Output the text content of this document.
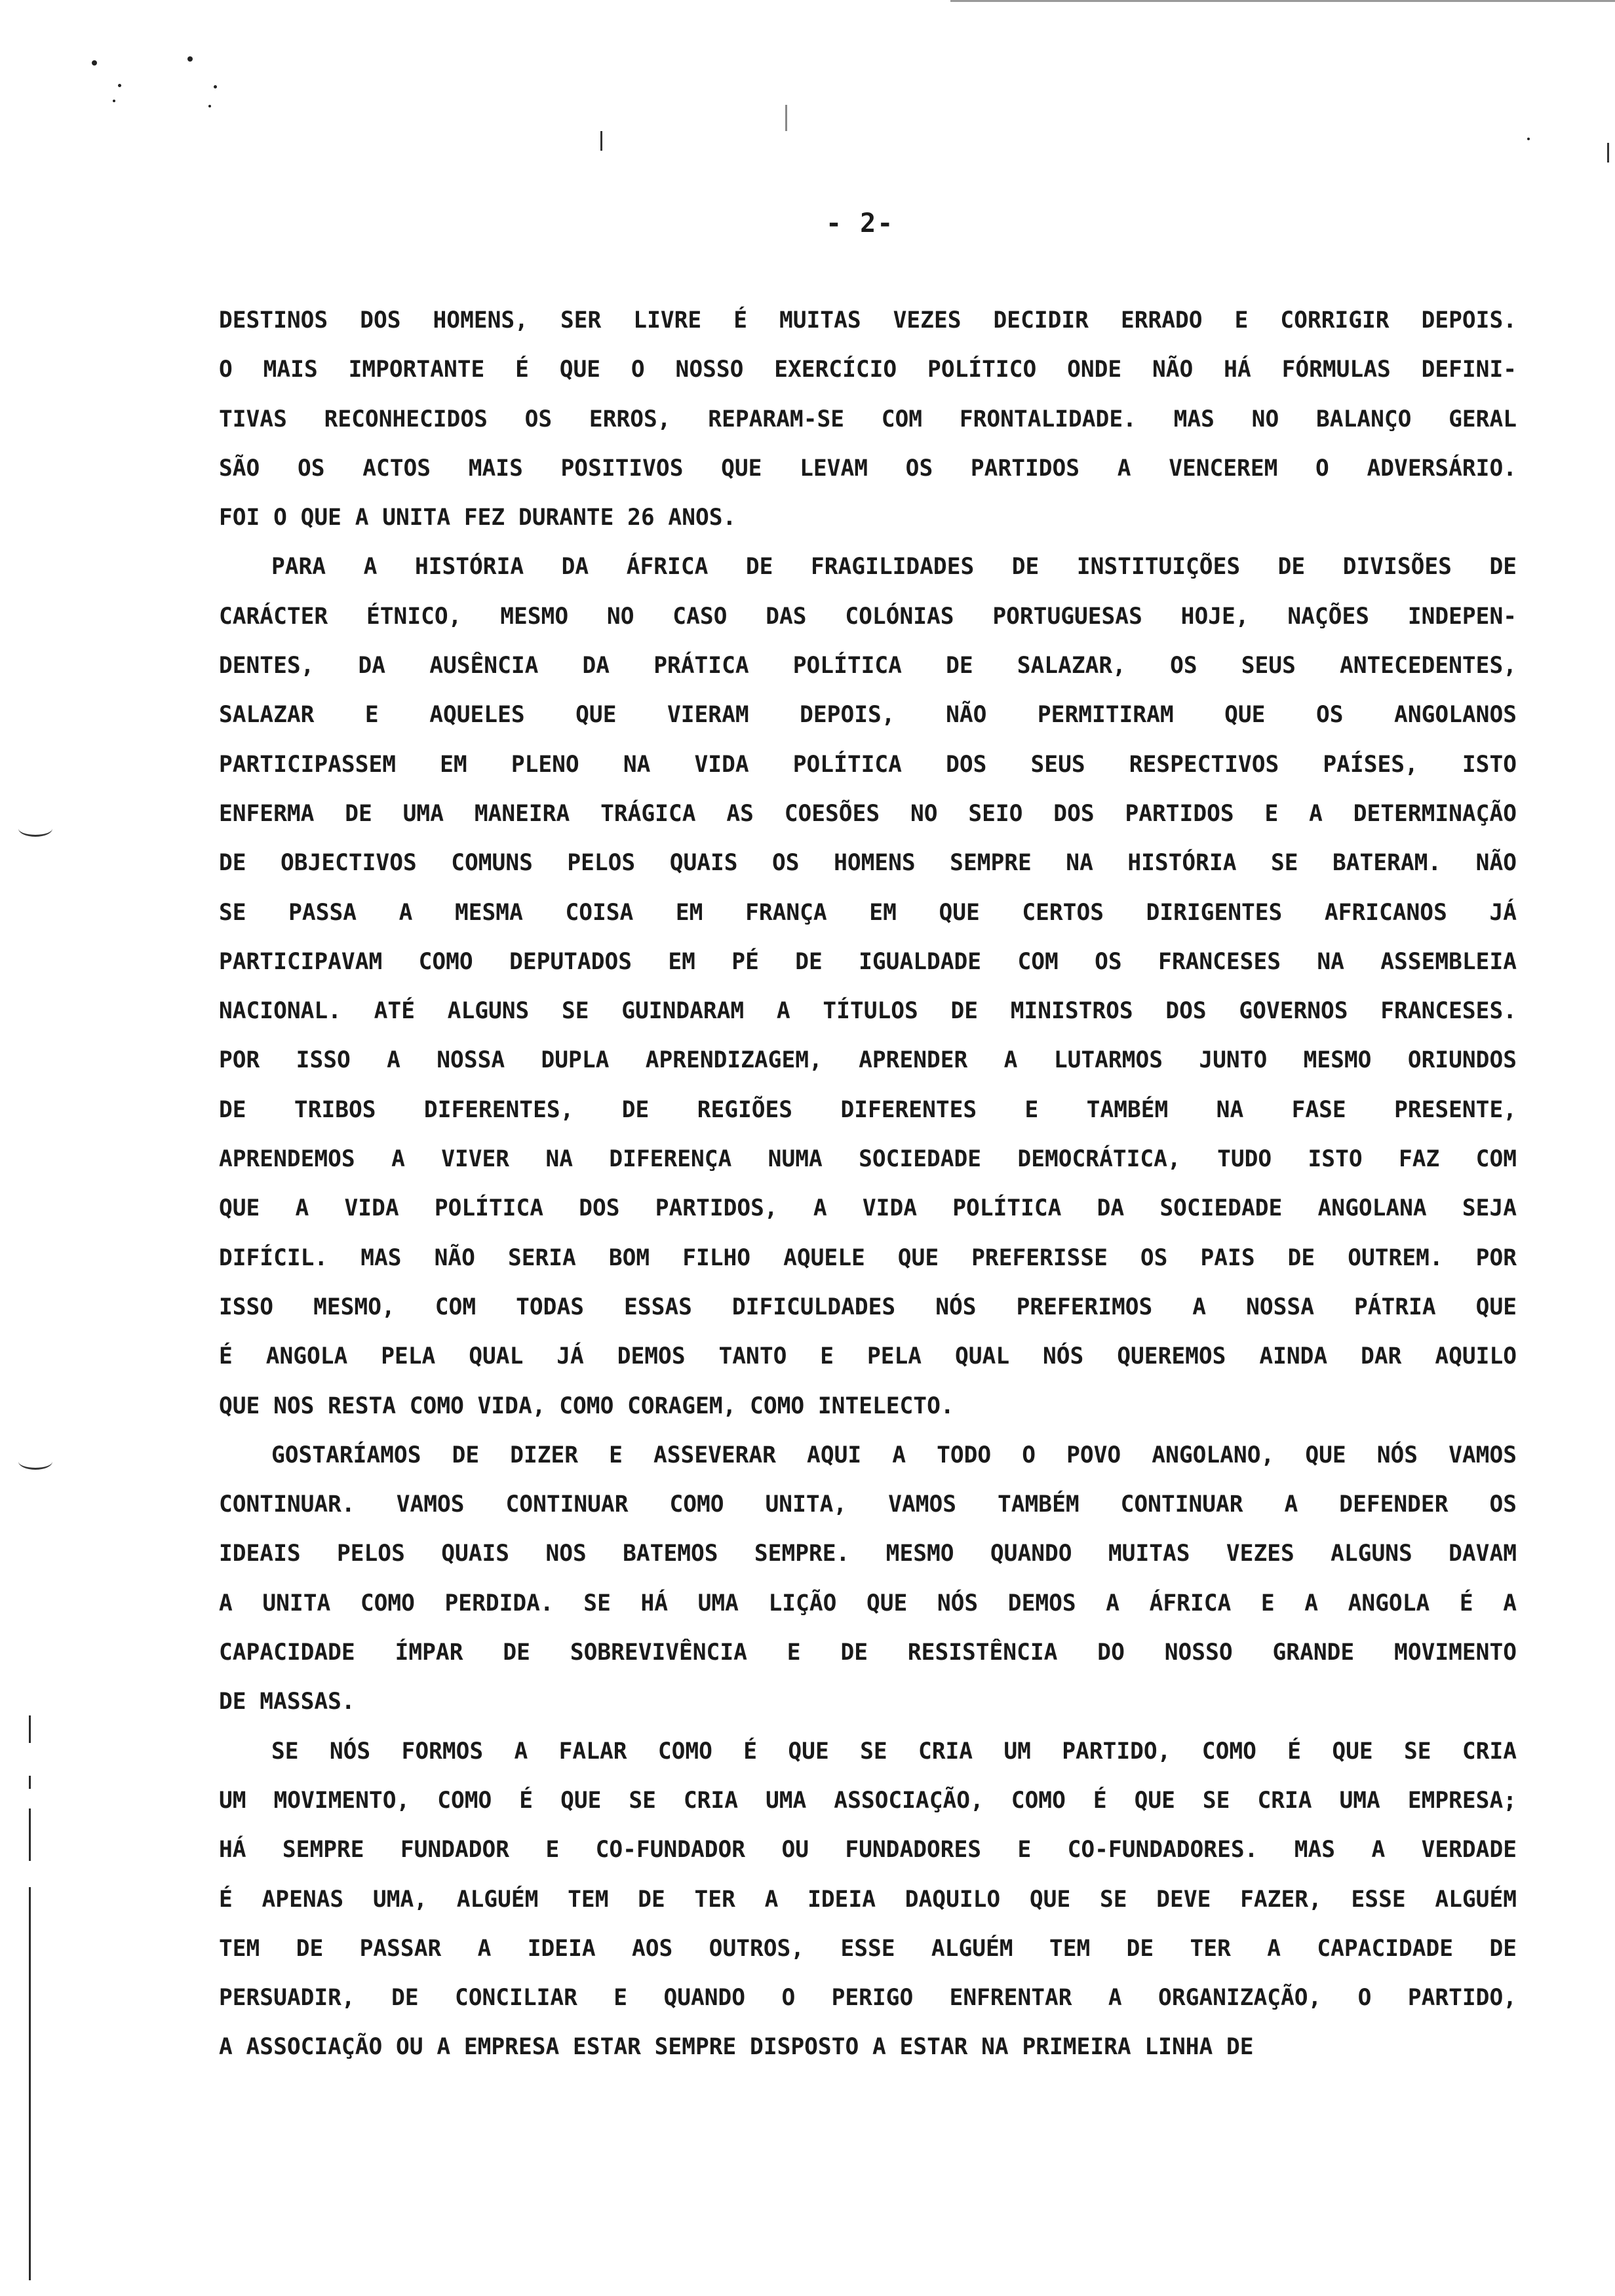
- 2-
DESTINOS DOS HOMENS, SER LIVRE É MUITAS VEZES DECIDIR ERRADO E CORRIGIR DEPOIS.
O MAIS IMPORTANTE É QUE O NOSSO EXERCÍCIO POLÍTICO ONDE NÃO HÁ FÓRMULAS DEFINI-
TIVAS RECONHECIDOS OS ERROS, REPARAM-SE COM FRONTALIDADE. MAS NO BALANÇO GERAL
SÃO OS ACTOS MAIS POSITIVOS QUE LEVAM OS PARTIDOS A VENCEREM O ADVERSÁRIO.
FOI O QUE A UNITA FEZ DURANTE 26 ANOS.
PARA A HISTÓRIA DA ÁFRICA DE FRAGILIDADES DE INSTITUIÇÕES DE DIVISÕES DE
CARÁCTER ÉTNICO, MESMO NO CASO DAS COLÓNIAS PORTUGUESAS HOJE, NAÇÕES INDEPEN-
DENTES, DA AUSÊNCIA DA PRÁTICA POLÍTICA DE SALAZAR, OS SEUS ANTECEDENTES,
SALAZAR E AQUELES QUE VIERAM DEPOIS, NÃO PERMITIRAM QUE OS ANGOLANOS
PARTICIPASSEM EM PLENO NA VIDA POLÍTICA DOS SEUS RESPECTIVOS PAÍSES, ISTO
ENFERMA DE UMA MANEIRA TRÁGICA AS COESÕES NO SEIO DOS PARTIDOS E A DETERMINAÇÃO
DE OBJECTIVOS COMUNS PELOS QUAIS OS HOMENS SEMPRE NA HISTÓRIA SE BATERAM. NÃO
SE PASSA A MESMA COISA EM FRANÇA EM QUE CERTOS DIRIGENTES AFRICANOS JÁ
PARTICIPAVAM COMO DEPUTADOS EM PÉ DE IGUALDADE COM OS FRANCESES NA ASSEMBLEIA
NACIONAL. ATÉ ALGUNS SE GUINDARAM A TÍTULOS DE MINISTROS DOS GOVERNOS FRANCESES.
POR ISSO A NOSSA DUPLA APRENDIZAGEM, APRENDER A LUTARMOS JUNTO MESMO ORIUNDOS
DE TRIBOS DIFERENTES, DE REGIÕES DIFERENTES E TAMBÉM NA FASE PRESENTE,
APRENDEMOS A VIVER NA DIFERENÇA NUMA SOCIEDADE DEMOCRÁTICA, TUDO ISTO FAZ COM
QUE A VIDA POLÍTICA DOS PARTIDOS, A VIDA POLÍTICA DA SOCIEDADE ANGOLANA SEJA
DIFÍCIL. MAS NÃO SERIA BOM FILHO AQUELE QUE PREFERISSE OS PAIS DE OUTREM. POR
ISSO MESMO, COM TODAS ESSAS DIFICULDADES NÓS PREFERIMOS A NOSSA PÁTRIA QUE
É ANGOLA PELA QUAL JÁ DEMOS TANTO E PELA QUAL NÓS QUEREMOS AINDA DAR AQUILO
QUE NOS RESTA COMO VIDA, COMO CORAGEM, COMO INTELECTO.
GOSTARÍAMOS DE DIZER E ASSEVERAR AQUI A TODO O POVO ANGOLANO, QUE NÓS VAMOS
CONTINUAR. VAMOS CONTINUAR COMO UNITA, VAMOS TAMBÉM CONTINUAR A DEFENDER OS
IDEAIS PELOS QUAIS NOS BATEMOS SEMPRE. MESMO QUANDO MUITAS VEZES ALGUNS DAVAM
A UNITA COMO PERDIDA. SE HÁ UMA LIÇÃO QUE NÓS DEMOS A ÁFRICA E A ANGOLA É A
CAPACIDADE ÍMPAR DE SOBREVIVÊNCIA E DE RESISTÊNCIA DO NOSSO GRANDE MOVIMENTO
DE MASSAS.
SE NÓS FORMOS A FALAR COMO É QUE SE CRIA UM PARTIDO, COMO É QUE SE CRIA
UM MOVIMENTO, COMO É QUE SE CRIA UMA ASSOCIAÇÃO, COMO É QUE SE CRIA UMA EMPRESA;
HÁ SEMPRE FUNDADOR E CO-FUNDADOR OU FUNDADORES E CO-FUNDADORES. MAS A VERDADE
É APENAS UMA, ALGUÉM TEM DE TER A IDEIA DAQUILO QUE SE DEVE FAZER, ESSE ALGUÉM
TEM DE PASSAR A IDEIA AOS OUTROS, ESSE ALGUÉM TEM DE TER A CAPACIDADE DE
PERSUADIR, DE CONCILIAR E QUANDO O PERIGO ENFRENTAR A ORGANIZAÇÃO, O PARTIDO,
A ASSOCIAÇÃO OU A EMPRESA ESTAR SEMPRE DISPOSTO A ESTAR NA PRIMEIRA LINHA DE
